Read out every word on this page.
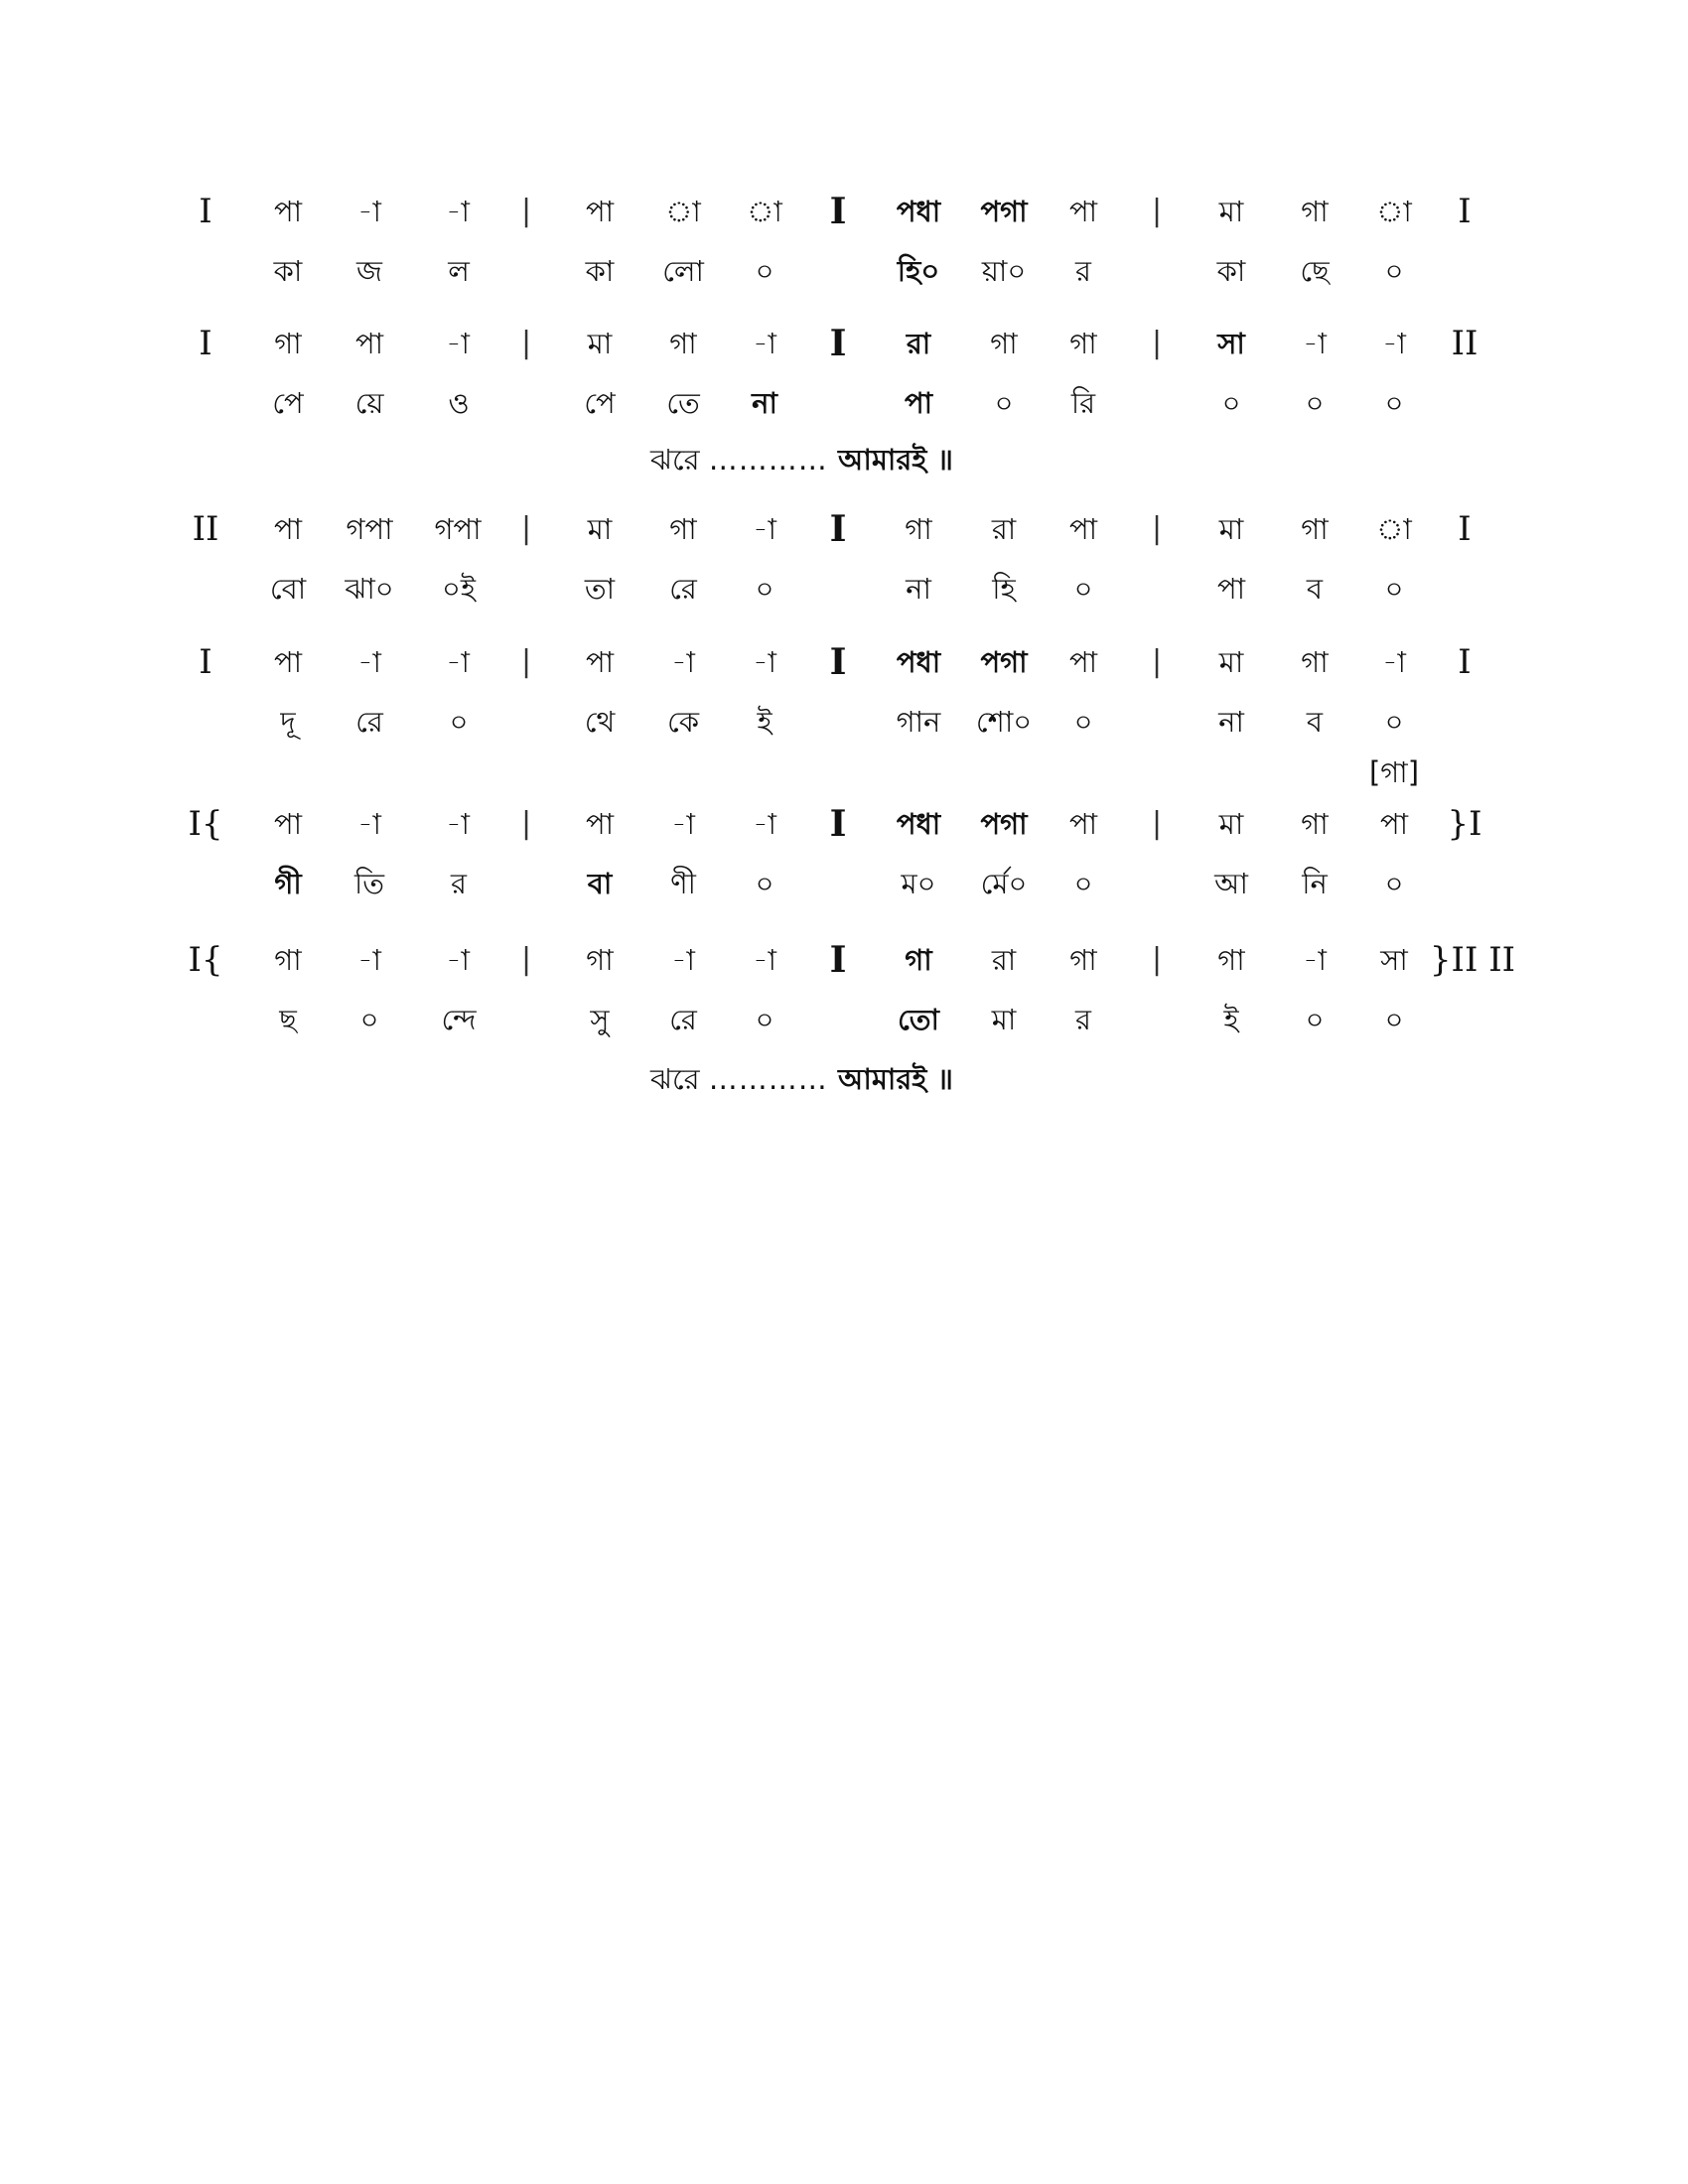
I পা -া -া | পা া া I পধা পগা পা | মা গা া I
কা জ ল	কা লো ০	হি০ য়া০ র	কা ছে ০
I গা পা -া | মা গা -া I রা গা গা | সা -া -া II
পে য়ে ও	পে তে না	পা ০ রি	০ ০ ০
II পা গপা গপা | মা গা -া I গা রা পা | মা গা া I
বো ঝা০ ০ই	তা রে ০	না হি ০	পা ব ০
I পা -া -া | পা -া -া I পধা পগা পা | মা গা -া I
দূ রে ০	থে কে ই	গান শো০ ০	না ব ০
I{ পা -া -া | পা -া -া I পধা পগা পা | মা গা পা }I
গী তি র	বা ণী ০	ম০ র্মে০ ০	আ নি ০
[গা]
I{ গা -া -া | গা -া -া I গা রা গা | গা -া সা }II II
ছ ০ ন্দে	সু রে ০	তো মা র	ই ০ ০
ঝরে ………… আমারই ॥
ঝরে ………… আমারই ॥
